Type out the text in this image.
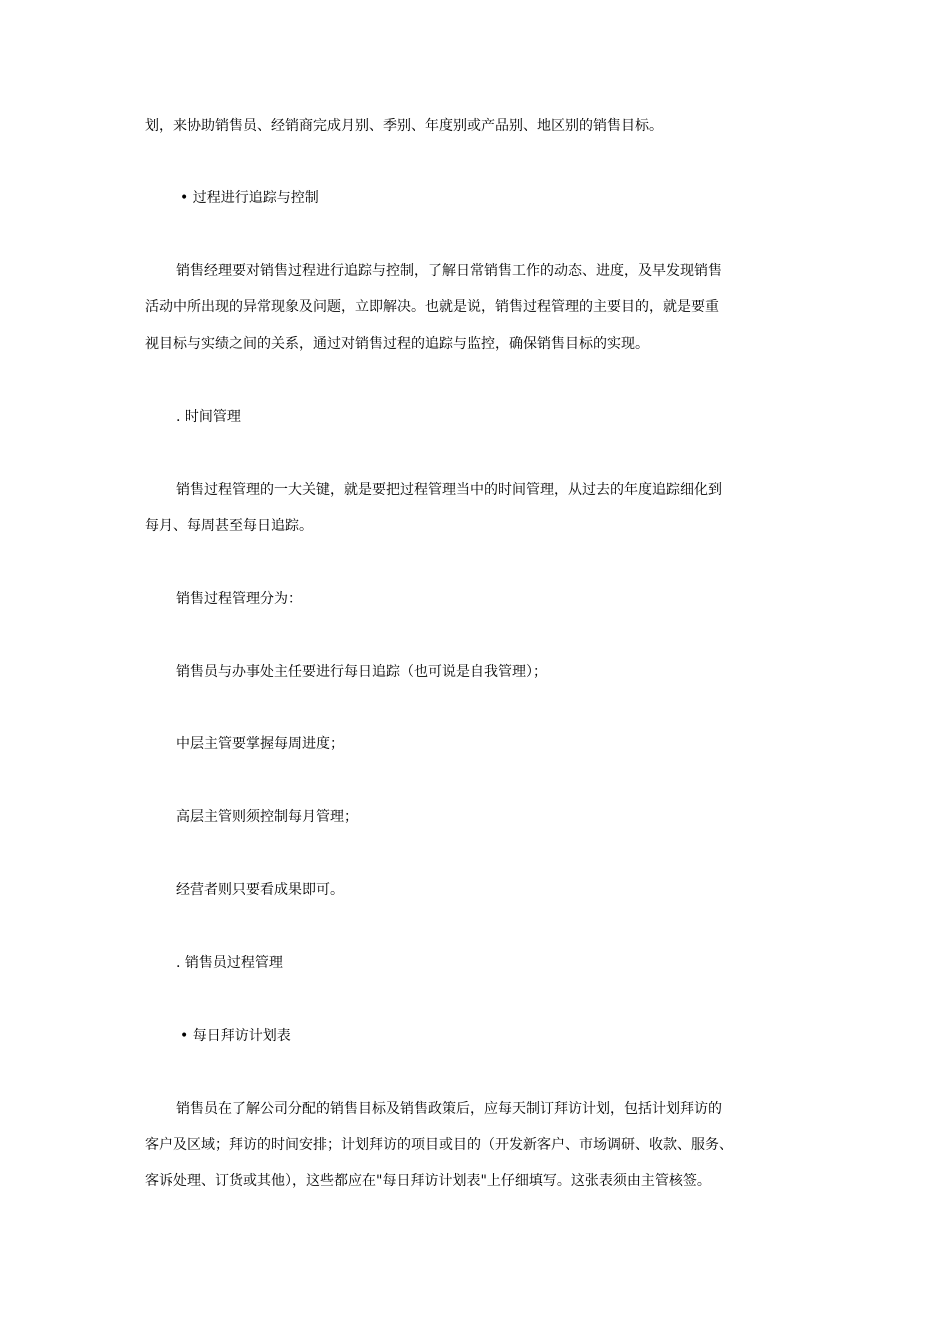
划，来协助销售员、经销商完成月别、季别、年度别或产品别、地区别的销售目标。
• 过程进行追踪与控制
销售经理要对销售过程进行追踪与控制，了解日常销售工作的动态、进度，及早发现销售
活动中所出现的异常现象及问题，立即解决。也就是说，销售过程管理的主要目的，就是要重
视目标与实绩之间的关系，通过对销售过程的追踪与监控，确保销售目标的实现。
. 时间管理
销售过程管理的一大关键，就是要把过程管理当中的时间管理，从过去的年度追踪细化到
每月、每周甚至每日追踪。
销售过程管理分为：
销售员与办事处主任要进行每日追踪（也可说是自我管理）；
中层主管要掌握每周进度；
高层主管则须控制每月管理；
经营者则只要看成果即可。
. 销售员过程管理
• 每日拜访计划表
销售员在了解公司分配的销售目标及销售政策后，应每天制订拜访计划，包括计划拜访的
客户及区域；拜访的时间安排；计划拜访的项目或目的（开发新客户、市场调研、收款、服务、
客诉处理、订货或其他），这些都应在"每日拜访计划表"上仔细填写。这张表须由主管核签。
